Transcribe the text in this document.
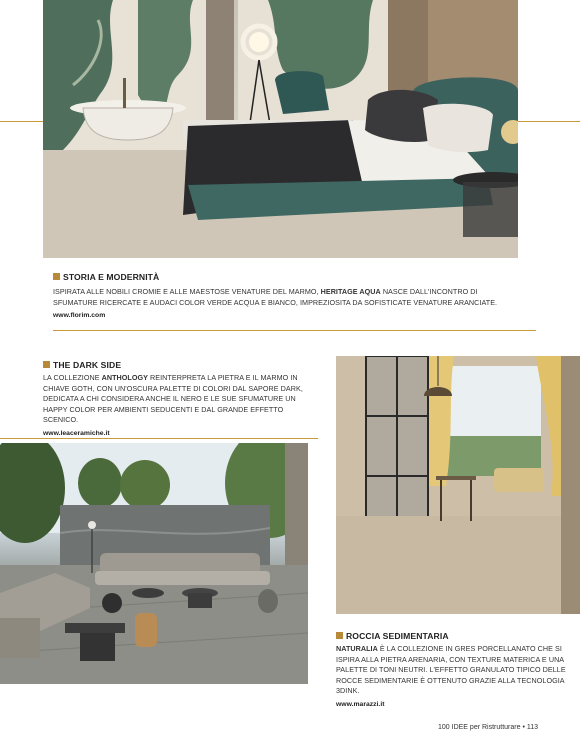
STORIA E MODERNITÀ
ISPIRATA ALLE NOBILI CROMIE E ALLE MAESTOSE VENATURE DEL MARMO, HERITAGE AQUA NASCE DALL'INCONTRO DI SFUMATURE RICERCATE E AUDACI COLOR VERDE ACQUA E BIANCO, IMPREZIOSITA DA SOFISTICATE VENATURE ARANCIATE.
www.florim.com
THE DARK SIDE
LA COLLEZIONE ANTHOLOGY REINTERPRETA LA PIETRA E IL MARMO IN CHIAVE GOTH, CON UN'OSCURA PALETTE DI COLORI DAL SAPORE DARK, DEDICATA A CHI CONSIDERA ANCHE IL NERO E LE SUE SFUMATURE UN HAPPY COLOR PER AMBIENTI SEDUCENTI E DAL GRANDE EFFETTO SCENICO.
www.leaceramiche.it
ROCCIA SEDIMENTARIA
NATURALIA È LA COLLEZIONE IN GRES PORCELLANATO CHE SI ISPIRA ALLA PIETRA ARENARIA, CON TEXTURE MATERICA E UNA PALETTE DI TONI NEUTRI. L'EFFETTO GRANULATO TIPICO DELLE ROCCE SEDIMENTARIE È OTTENUTO GRAZIE ALLA TECNOLOGIA 3DINK.
www.marazzi.it
100 IDEE per Ristrutturare • 113
